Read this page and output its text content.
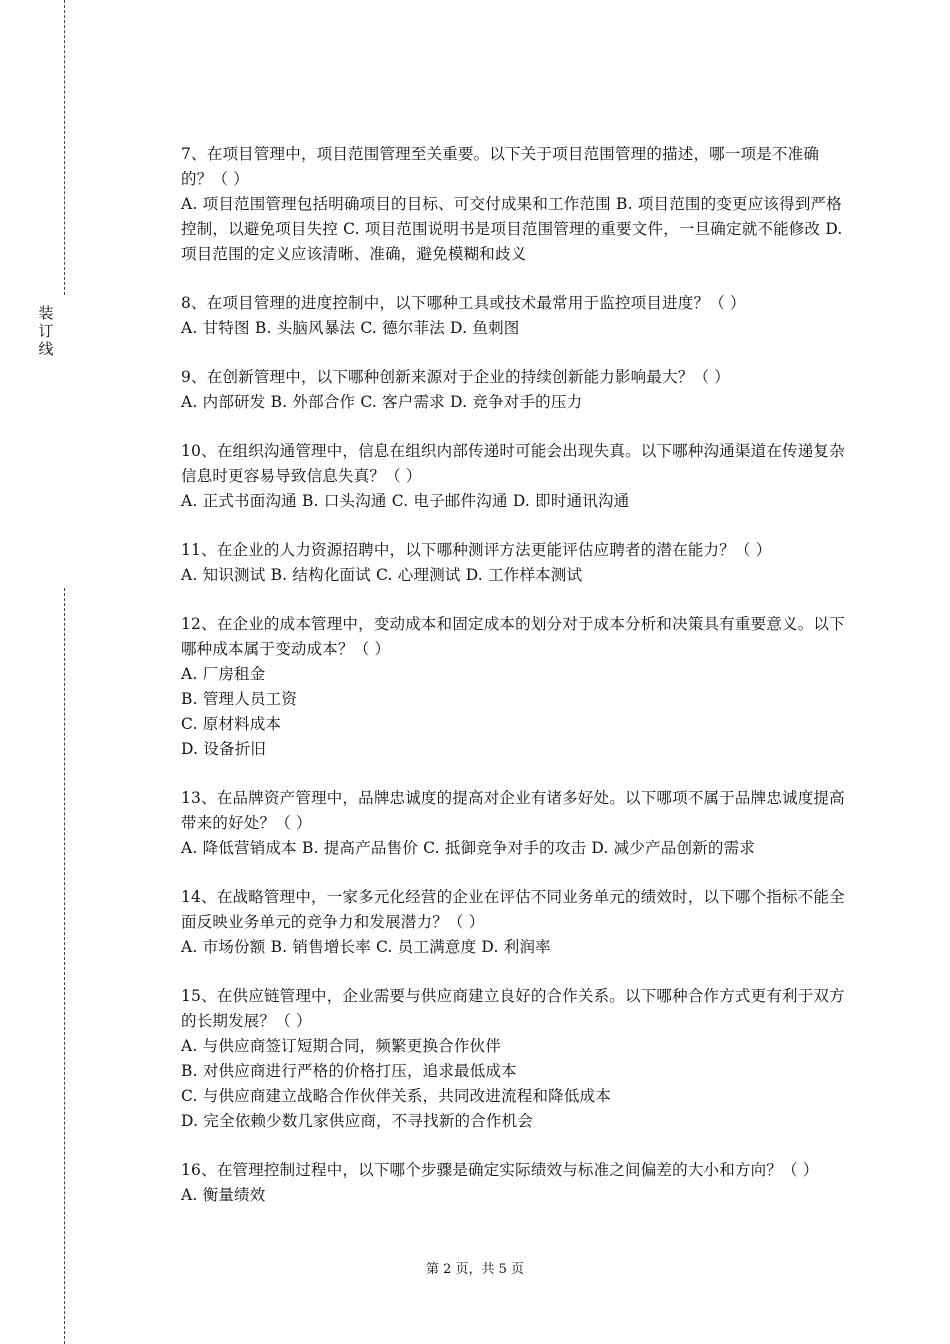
装
订
线
7、在项目管理中，项目范围管理至关重要。以下关于项目范围管理的描述，哪一项是不准确的？（ ）
A. 项目范围管理包括明确项目的目标、可交付成果和工作范围 B. 项目范围的变更应该得到严格控制，以避免项目失控 C. 项目范围说明书是项目范围管理的重要文件，一旦确定就不能修改 D. 项目范围的定义应该清晰、准确，避免模糊和歧义
8、在项目管理的进度控制中，以下哪种工具或技术最常用于监控项目进度？（ ）
A. 甘特图 B. 头脑风暴法 C. 德尔菲法 D. 鱼刺图
9、在创新管理中，以下哪种创新来源对于企业的持续创新能力影响最大？（ ）
A. 内部研发 B. 外部合作 C. 客户需求 D. 竞争对手的压力
10、在组织沟通管理中，信息在组织内部传递时可能会出现失真。以下哪种沟通渠道在传递复杂信息时更容易导致信息失真？（ ）
A. 正式书面沟通 B. 口头沟通 C. 电子邮件沟通 D. 即时通讯沟通
11、在企业的人力资源招聘中，以下哪种测评方法更能评估应聘者的潜在能力？（ ）
A. 知识测试 B. 结构化面试 C. 心理测试 D. 工作样本测试
12、在企业的成本管理中，变动成本和固定成本的划分对于成本分析和决策具有重要意义。以下哪种成本属于变动成本？（ ）
A. 厂房租金
B. 管理人员工资
C. 原材料成本
D. 设备折旧
13、在品牌资产管理中，品牌忠诚度的提高对企业有诸多好处。以下哪项不属于品牌忠诚度提高带来的好处？（ ）
A. 降低营销成本 B. 提高产品售价 C. 抵御竞争对手的攻击 D. 减少产品创新的需求
14、在战略管理中，一家多元化经营的企业在评估不同业务单元的绩效时，以下哪个指标不能全面反映业务单元的竞争力和发展潜力？（ ）
A. 市场份额 B. 销售增长率 C. 员工满意度 D. 利润率
15、在供应链管理中，企业需要与供应商建立良好的合作关系。以下哪种合作方式更有利于双方的长期发展？（ ）
A. 与供应商签订短期合同，频繁更换合作伙伴
B. 对供应商进行严格的价格打压，追求最低成本
C. 与供应商建立战略合作伙伴关系，共同改进流程和降低成本
D. 完全依赖少数几家供应商，不寻找新的合作机会
16、在管理控制过程中，以下哪个步骤是确定实际绩效与标准之间偏差的大小和方向？（ ）
A. 衡量绩效
第 2 页，共 5 页
